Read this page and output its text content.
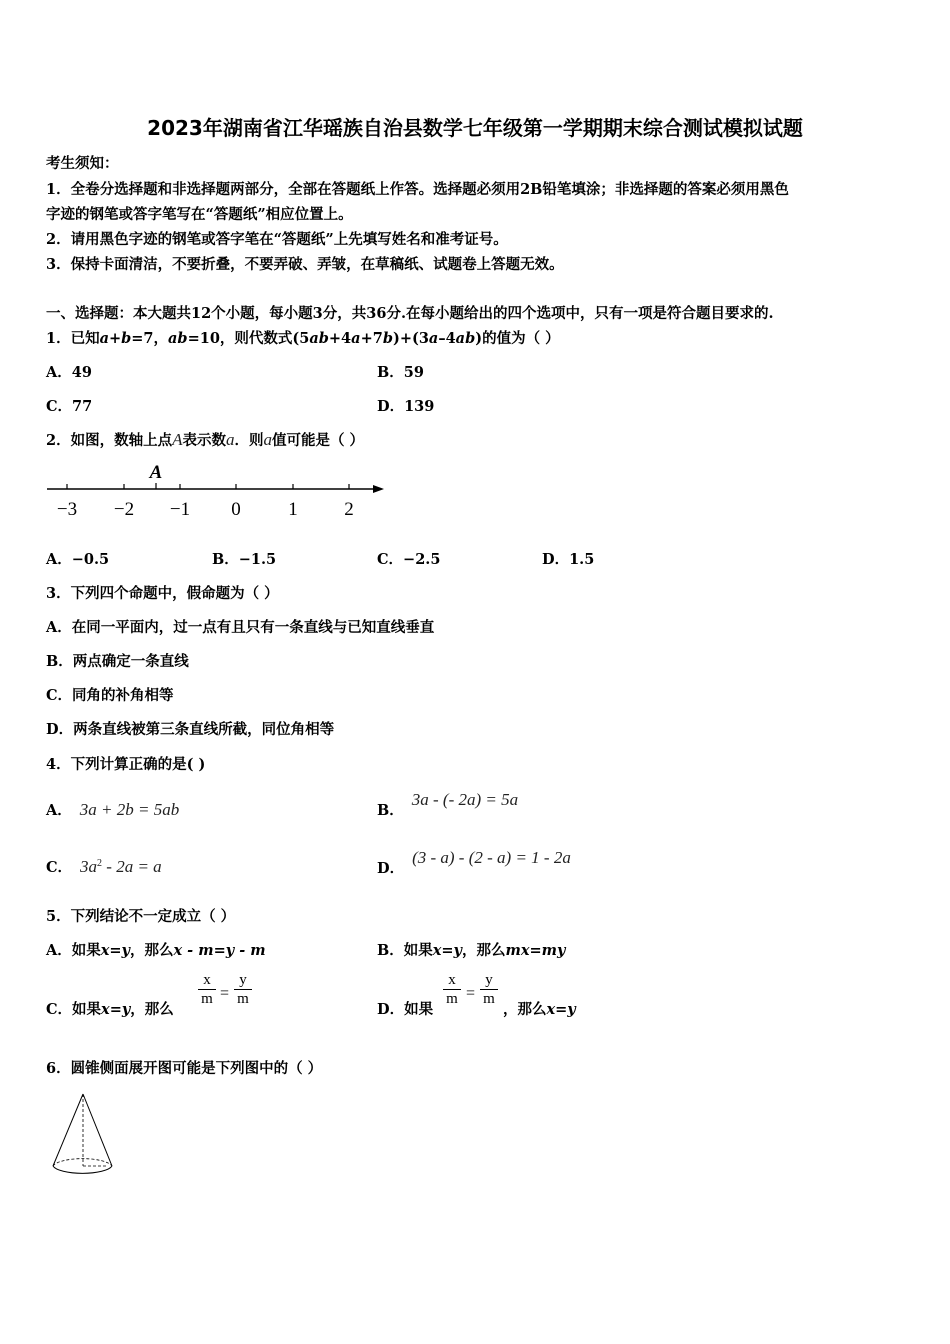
2023年湖南省江华瑶族自治县数学七年级第一学期期末综合测试模拟试题
考生须知：
1．全卷分选择题和非选择题两部分，全部在答题纸上作答。选择题必须用2B铅笔填涂；非选择题的答案必须用黑色
字迹的钢笔或答字笔写在“答题纸”相应位置上。
2．请用黑色字迹的钢笔或答字笔在“答题纸”上先填写姓名和准考证号。
3．保持卡面清洁，不要折叠，不要弄破、弄皱，在草稿纸、试题卷上答题无效。
一、选择题：本大题共12个小题，每小题3分，共36分.在每小题给出的四个选项中，只有一项是符合题目要求的.
1．已知a+b=7，ab=10，则代数式(5ab+4a+7b)+(3a–4ab)的值为（ ）
A．49	B．59
C．77	D．139
2．如图，数轴上点A表示数a．则a值可能是（ ）
A
−3 −2 −1 0	1 2
A．−0.5	B．−1.5	C．−2.5	D．1.5
3．下列四个命题中，假命题为（ ）
A．在同一平面内，过一点有且只有一条直线与已知直线垂直
B．两点确定一条直线
C．同角的补角相等
D．两条直线被第三条直线所截，同位角相等
4．下列计算正确的是( )
A． 3a + 2b = 5ab	B．3a - (- 2a) = 5a
C． $3a^2 - 2a = a$	D．(3 - a) - (2 - a) = 1 - 2a
5．下列结论不一定成立（ ）
A．如果x=y，那么x - m=y - m	B．如果x=y，那么mx=my
C．如果x=y，那么
x
m =
y
m
D．如果
x
m =
y
m
，那么x=y
6．圆锥侧面展开图可能是下列图中的（ ）
